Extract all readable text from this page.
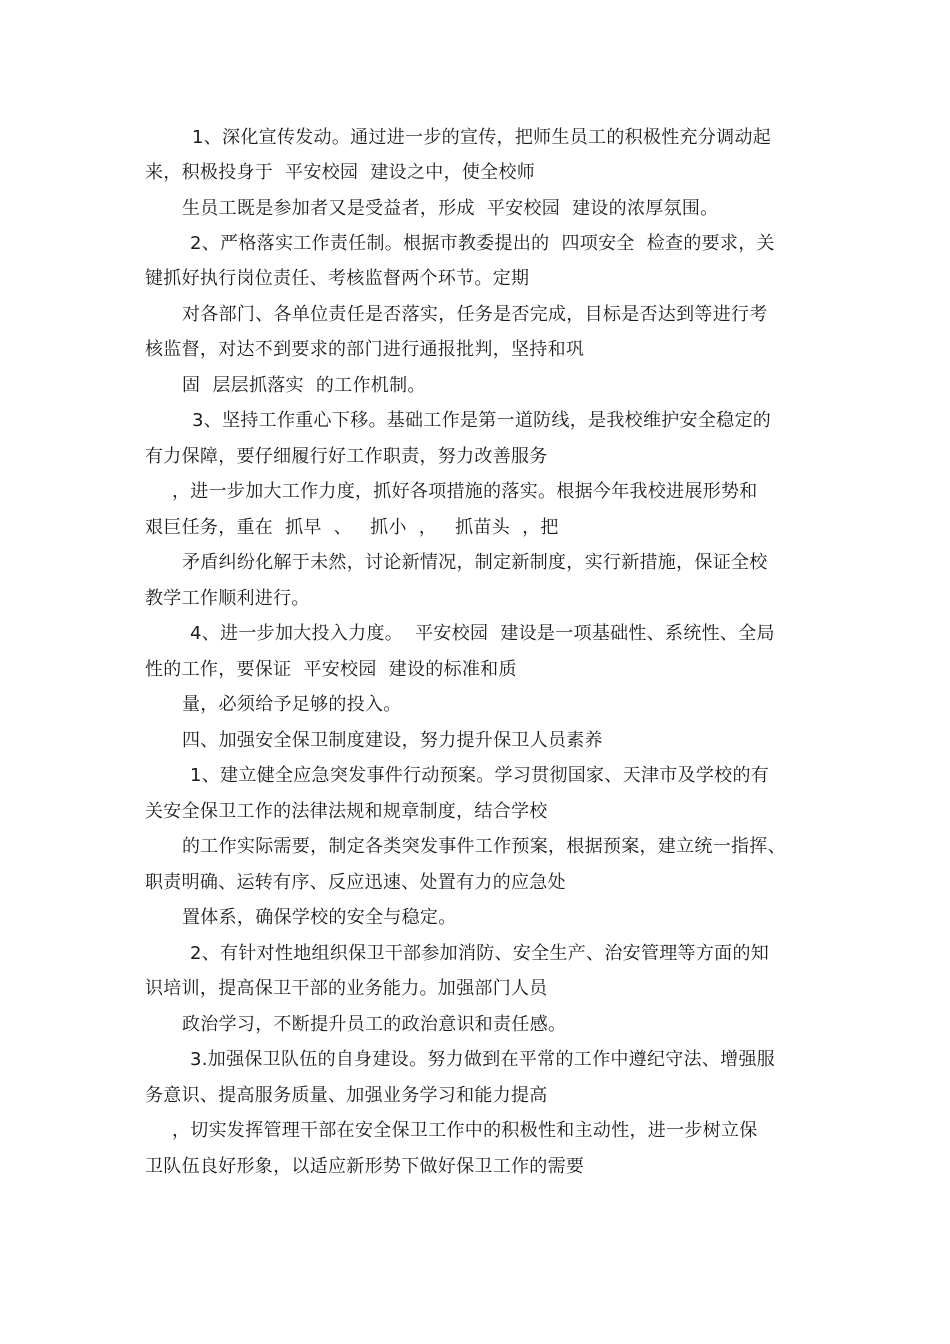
1、深化宣传发动。通过进一步的宣传，把师生员工的积极性充分调动起
来，积极投身于  平安校园  建设之中，使全校师
生员工既是参加者又是受益者，形成  平安校园  建设的浓厚氛围。
2、严格落实工作责任制。根据市教委提出的  四项安全  检查的要求，关
键抓好执行岗位责任、考核监督两个环节。定期
对各部门、各单位责任是否落实，任务是否完成，目标是否达到等进行考
核监督，对达不到要求的部门进行通报批判，坚持和巩
固  层层抓落实  的工作机制。
3、坚持工作重心下移。基础工作是第一道防线，是我校维护安全稳定的
有力保障，要仔细履行好工作职责，努力改善服务
，进一步加大工作力度，抓好各项措施的落实。根据今年我校进展形势和
艰巨任务，重在  抓早  、   抓小  ，   抓苗头  ，把
矛盾纠纷化解于未然，讨论新情况，制定新制度，实行新措施，保证全校
教学工作顺利进行。
4、进一步加大投入力度。  平安校园  建设是一项基础性、系统性、全局
性的工作，要保证  平安校园  建设的标准和质
量，必须给予足够的投入。
四、加强安全保卫制度建设，努力提升保卫人员素养
1、建立健全应急突发事件行动预案。学习贯彻国家、天津市及学校的有
关安全保卫工作的法律法规和规章制度，结合学校
的工作实际需要，制定各类突发事件工作预案，根据预案，建立统一指挥、
职责明确、运转有序、反应迅速、处置有力的应急处
置体系，确保学校的安全与稳定。
2、有针对性地组织保卫干部参加消防、安全生产、治安管理等方面的知
识培训，提高保卫干部的业务能力。加强部门人员
政治学习，不断提升员工的政治意识和责任感。
3.加强保卫队伍的自身建设。努力做到在平常的工作中遵纪守法、增强服
务意识、提高服务质量、加强业务学习和能力提高
，切实发挥管理干部在安全保卫工作中的积极性和主动性，进一步树立保
卫队伍良好形象，以适应新形势下做好保卫工作的需要
